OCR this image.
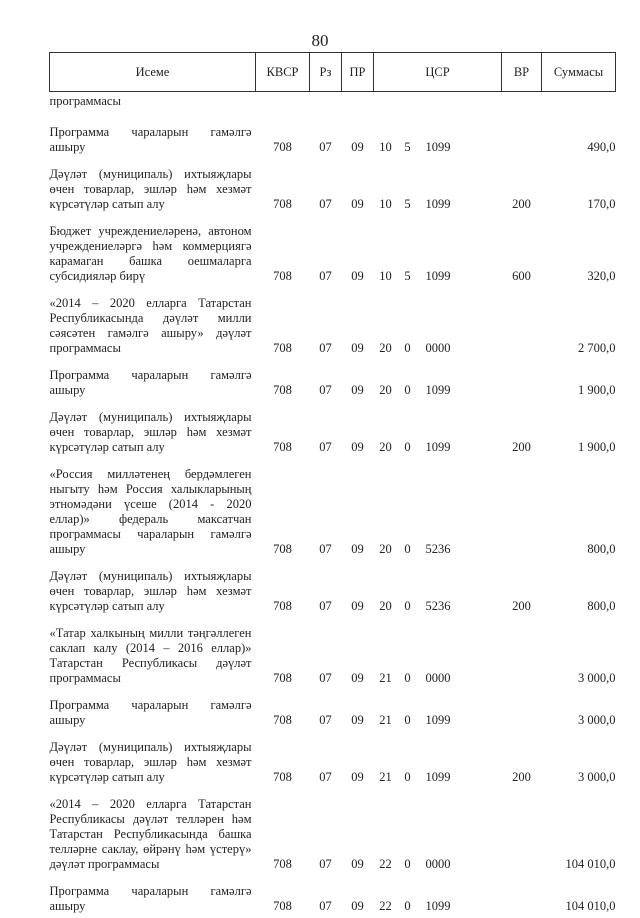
80
Исеме	КВСР	Рз	ПР	ЦСР	ВР	Суммасы
программасы						
Программа чараларын гамәлгә ашыру	708	07	09	10 5 1099		490,0
Дәүләт (муниципаль) ихтыяҗлары өчен товарлар, эшләр һәм хезмәт күрсәтүләр сатып алу	708	07	09	10 5 1099	200	170,0
Бюджет учреждениеләренә, автоном учреждениеләргә һәм коммерциягә карамаган башка оешмаларга субсидияләр бирү	708	07	09	10 5 1099	600	320,0
«2014 – 2020 елларга Татарстан Республикасында дәүләт милли сәясәтен гамәлгә ашыру» дәүләт программасы	708	07	09	20 0 0000		2 700,0
Программа чараларын гамәлгә ашыру	708	07	09	20 0 1099		1 900,0
Дәүләт (муниципаль) ихтыяҗлары өчен товарлар, эшләр һәм хезмәт күрсәтүләр сатып алу	708	07	09	20 0 1099	200	1 900,0
«Россия милләтенең бердәмлеген ныгыту һәм Россия халыкларының этномәдәни үсеше (2014 - 2020 еллар)» федераль максатчан программасы чараларын гамәлгә ашыру	708	07	09	20 0 5236		800,0
Дәүләт (муниципаль) ихтыяҗлары өчен товарлар, эшләр һәм хезмәт күрсәтүләр сатып алу	708	07	09	20 0 5236	200	800,0
«Татар халкының милли тәңгәллеген саклап калу (2014 – 2016 еллар)» Татарстан Республикасы дәүләт программасы	708	07	09	21 0 0000		3 000,0
Программа чараларын гамәлгә ашыру	708	07	09	21 0 1099		3 000,0
Дәүләт (муниципаль) ихтыяҗлары өчен товарлар, эшләр һәм хезмәт күрсәтүләр сатып алу	708	07	09	21 0 1099	200	3 000,0
«2014 – 2020 елларга Татарстан Республикасы дәүләт телләрен һәм Татарстан Республикасында башка телләрне саклау, өйрәнү һәм үстерү» дәүләт программасы	708	07	09	22 0 0000		104 010,0
Программа чараларын гамәлгә ашыру	708	07	09	22 0 1099		104 010,0
